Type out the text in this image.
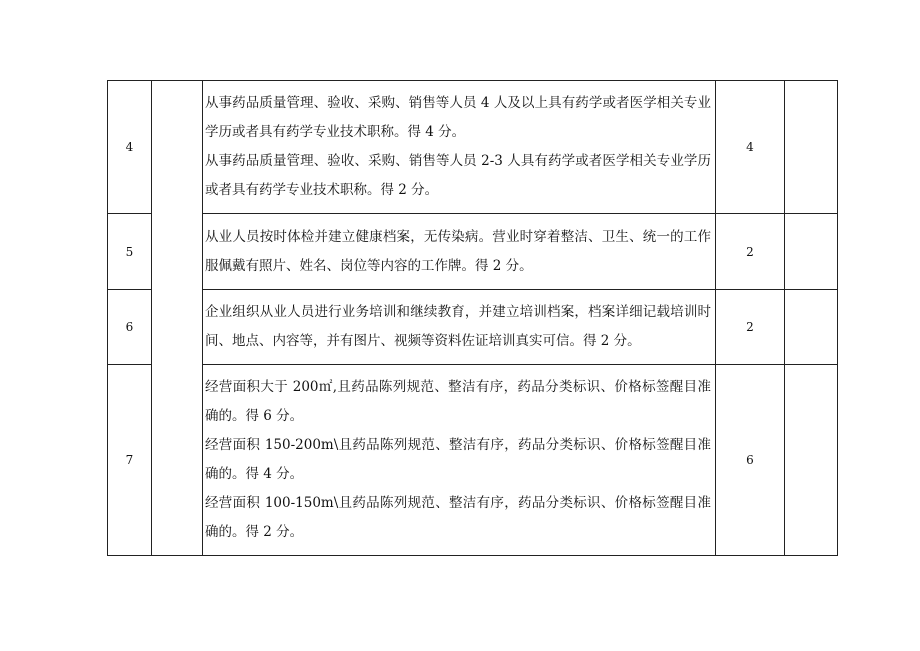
4		从事药品质量管理、验收、采购、销售等人员 4 人及以上具有药学或者医学相关专业学历或者具有药学专业技术职称。得 4 分。

从事药品质量管理、验收、采购、销售等人员 2-3 人具有药学或者医学相关专业学历或者具有药学专业技术职称。得 2 分。	4	
5		从业人员按时体检并建立健康档案，无传染病。营业时穿着整洁、卫生、统一的工作服佩戴有照片、姓名、岗位等内容的工作牌。得 2 分。	2	
6		企业组织从业人员进行业务培训和继续教育，并建立培训档案，档案详细记载培训时间、地点、内容等，并有图片、视频等资料佐证培训真实可信。得 2 分。	2	
7		经营面积大于 200㎡,且药品陈列规范、整洁有序，药品分类标识、价格标签醒目准确的。得 6 分。

经营面积 150-200m\且药品陈列规范、整洁有序，药品分类标识、价格标签醒目准确的。得 4 分。

经营面积 100-150m\且药品陈列规范、整洁有序，药品分类标识、价格标签醒目准确的。得 2 分。	6	
